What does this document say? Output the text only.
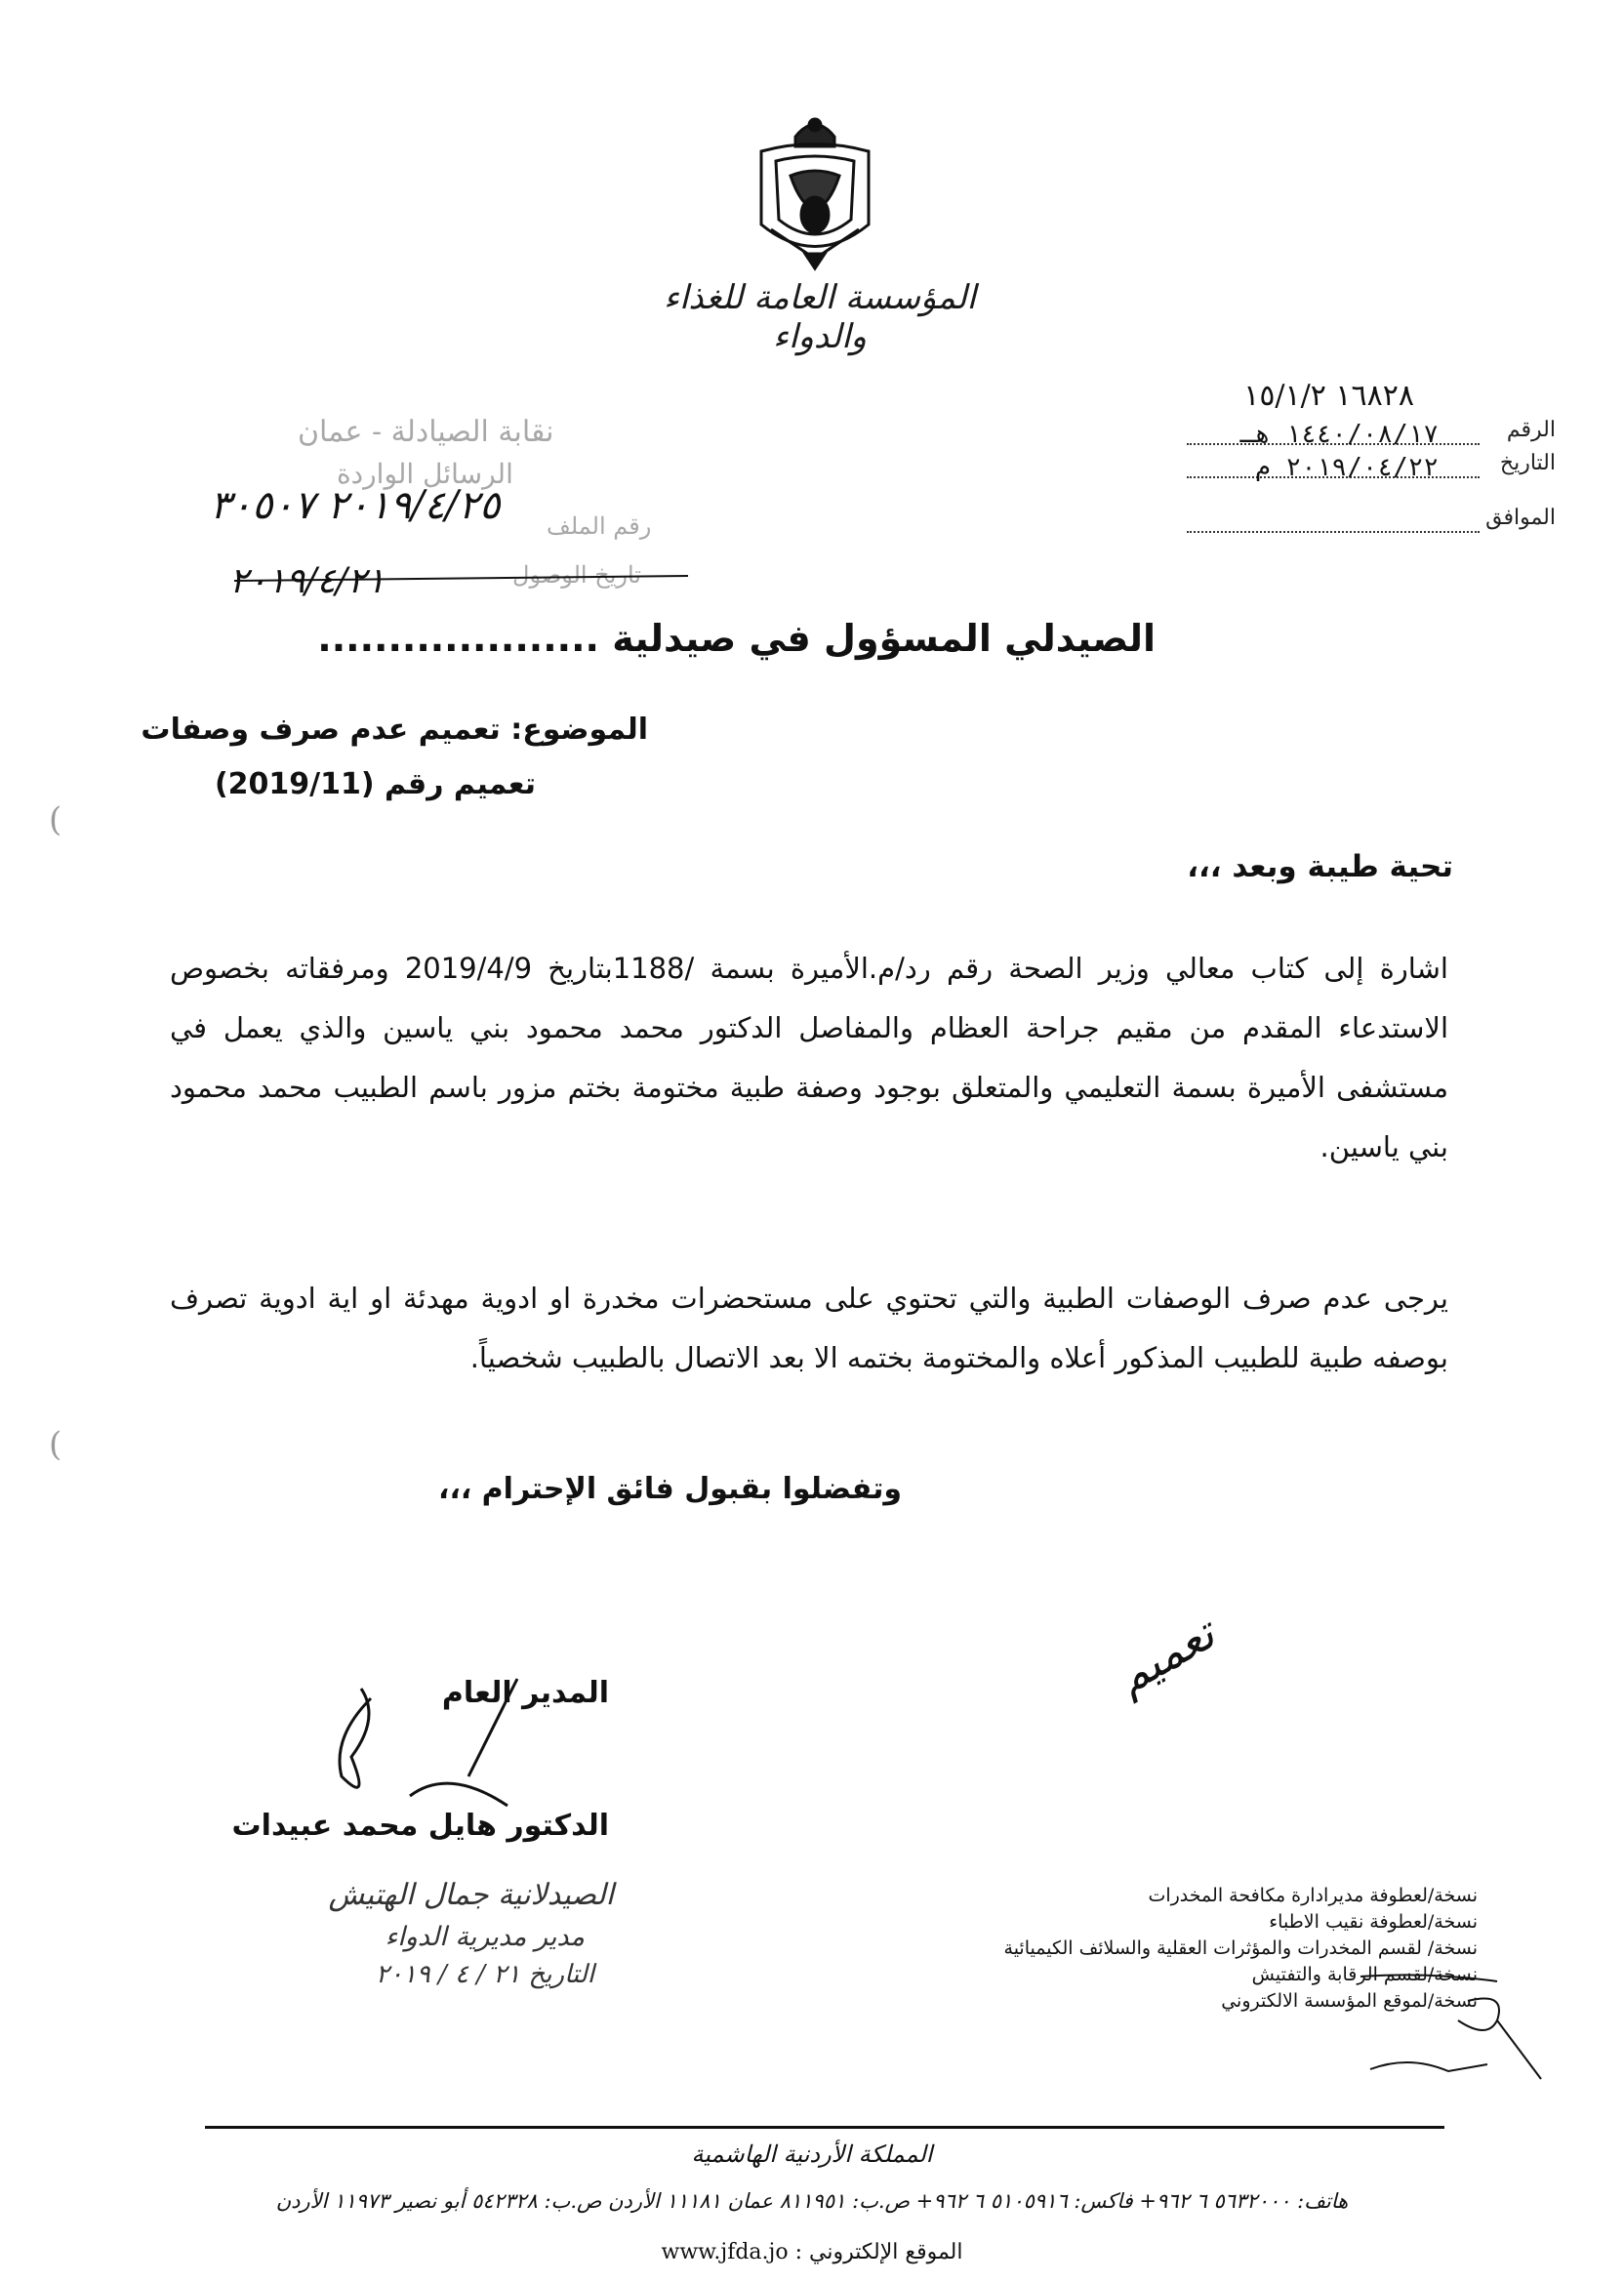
المؤسسة العامة للغذاء والدواء
١٦٨٢٨ ١٥/١/٢
الرقم
التاريخ
١٤٤٠/٠٨/١٧ هـ
٢٠١٩/٠٤/٢٢ م
الموافق
نقابة الصيادلة - عمان
الرسائل الواردة
رقم الملف
تاريخ الوصول
٢٠١٩/٤/٢٥ ٣٠٥٠٧
٢٠١٩/٤/٢١
الصيدلي المسؤول في صيدلية ....................
الموضوع: تعميم عدم صرف وصفات
تعميم رقم (2019/11)
تحية طيبة وبعد ،،،
اشارة إلى كتاب معالي وزير الصحة رقم رد/م.الأميرة بسمة /1188بتاريخ 2019/4/9 ومرفقاته بخصوص الاستدعاء المقدم من مقيم جراحة العظام والمفاصل الدكتور محمد محمود بني ياسين والذي يعمل في مستشفى الأميرة بسمة التعليمي والمتعلق بوجود وصفة طبية مختومة بختم مزور باسم الطبيب محمد محمود بني ياسين.
يرجى عدم صرف الوصفات الطبية والتي تحتوي على مستحضرات مخدرة او ادوية مهدئة او اية ادوية تصرف بوصفه طبية للطبيب المذكور أعلاه والمختومة بختمه الا بعد الاتصال بالطبيب شخصياً.
وتفضلوا بقبول فائق الإحترام ،،،
(
(
المدير العام
الدكتور هايل محمد عبيدات
الصيدلانية جمال الهتيش
مدير مديرية الدواء
التاريخ ٢١ / ٤ / ٢٠١٩
تعميم
نسخة/لعطوفة مديرادارة مكافحة المخدرات
نسخة/لعطوفة نقيب الاطباء
نسخة/ لقسم المخدرات والمؤثرات العقلية والسلائف الكيميائية
نسخة/لقسم الرقابة والتفتيش
نسخة/لموقع المؤسسة الالكتروني
المملكة الأردنية الهاشمية
هاتف: ٥٦٣٢٠٠٠ ٦ ٩٦٢+ فاكس: ٥١٠٥٩١٦ ٦ ٩٦٢+ ص.ب: ٨١١٩٥١ عمان ١١١٨١ الأردن ص.ب: ٥٤٢٣٢٨ أبو نصير ١١٩٧٣ الأردن
الموقع الإلكتروني : www.jfda.jo
